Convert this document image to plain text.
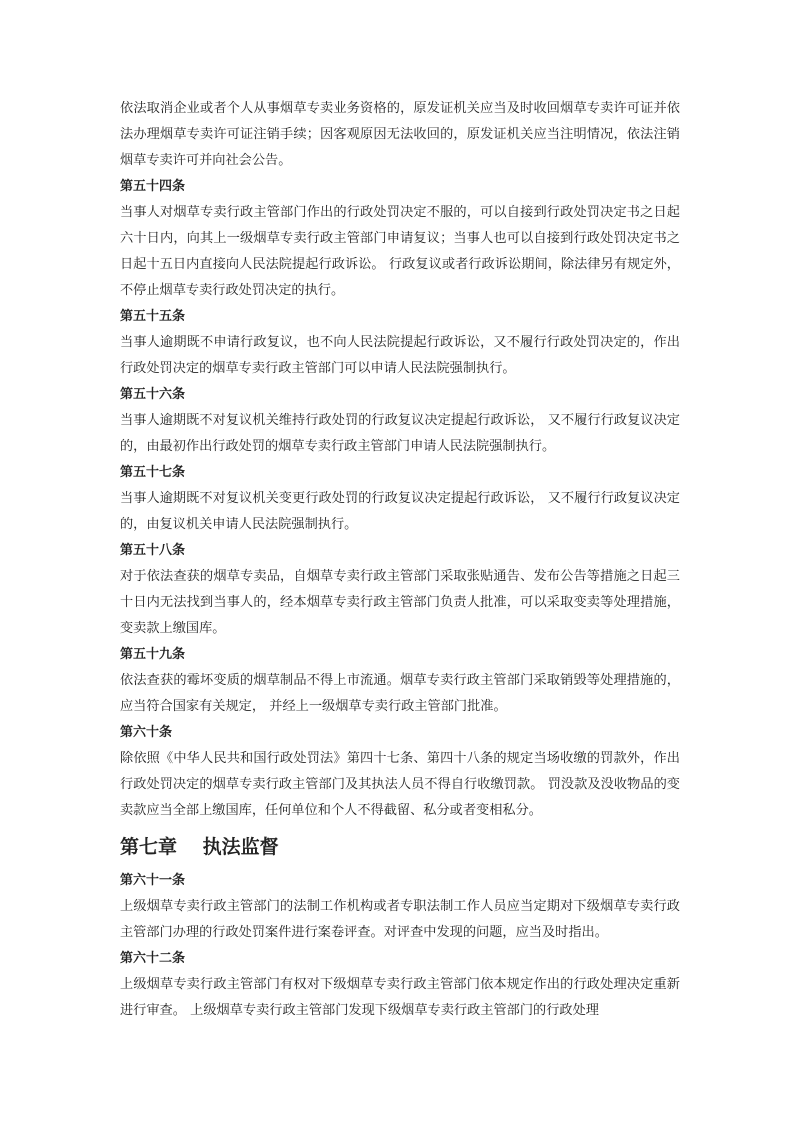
依法取消企业或者个人从事烟草专卖业务资格的，原发证机关应当及时收回烟草专卖许可证并依法办理烟草专卖许可证注销手续；因客观原因无法收回的，原发证机关应当注明情况，依法注销烟草专卖许可并向社会公告。

第五十四条

当事人对烟草专卖行政主管部门作出的行政处罚决定不服的，可以自接到行政处罚决定书之日起六十日内，向其上一级烟草专卖行政主管部门申请复议；当事人也可以自接到行政处罚决定书之日起十五日内直接向人民法院提起行政诉讼。 行政复议或者行政诉讼期间，除法律另有规定外，不停止烟草专卖行政处罚决定的执行。

第五十五条

当事人逾期既不申请行政复议，也不向人民法院提起行政诉讼，又不履行行政处罚决定的，作出行政处罚决定的烟草专卖行政主管部门可以申请人民法院强制执行。

第五十六条

当事人逾期既不对复议机关维持行政处罚的行政复议决定提起行政诉讼， 又不履行行政复议决定的，由最初作出行政处罚的烟草专卖行政主管部门申请人民法院强制执行。

第五十七条

当事人逾期既不对复议机关变更行政处罚的行政复议决定提起行政诉讼， 又不履行行政复议决定的，由复议机关申请人民法院强制执行。

第五十八条

对于依法查获的烟草专卖品，自烟草专卖行政主管部门采取张贴通告、发布公告等措施之日起三十日内无法找到当事人的，经本烟草专卖行政主管部门负责人批准，可以采取变卖等处理措施，变卖款上缴国库。

第五十九条

依法查获的霉坏变质的烟草制品不得上市流通。烟草专卖行政主管部门采取销毁等处理措施的，应当符合国家有关规定， 并经上一级烟草专卖行政主管部门批准。

第六十条

除依照《中华人民共和国行政处罚法》第四十七条、第四十八条的规定当场收缴的罚款外，作出行政处罚决定的烟草专卖行政主管部门及其执法人员不得自行收缴罚款。 罚没款及没收物品的变卖款应当全部上缴国库，任何单位和个人不得截留、私分或者变相私分。

第七章　 执法监督

第六十一条

上级烟草专卖行政主管部门的法制工作机构或者专职法制工作人员应当定期对下级烟草专卖行政主管部门办理的行政处罚案件进行案卷评查。对评查中发现的问题，应当及时指出。

第六十二条

上级烟草专卖行政主管部门有权对下级烟草专卖行政主管部门依本规定作出的行政处理决定重新进行审查。 上级烟草专卖行政主管部门发现下级烟草专卖行政主管部门的行政处理
